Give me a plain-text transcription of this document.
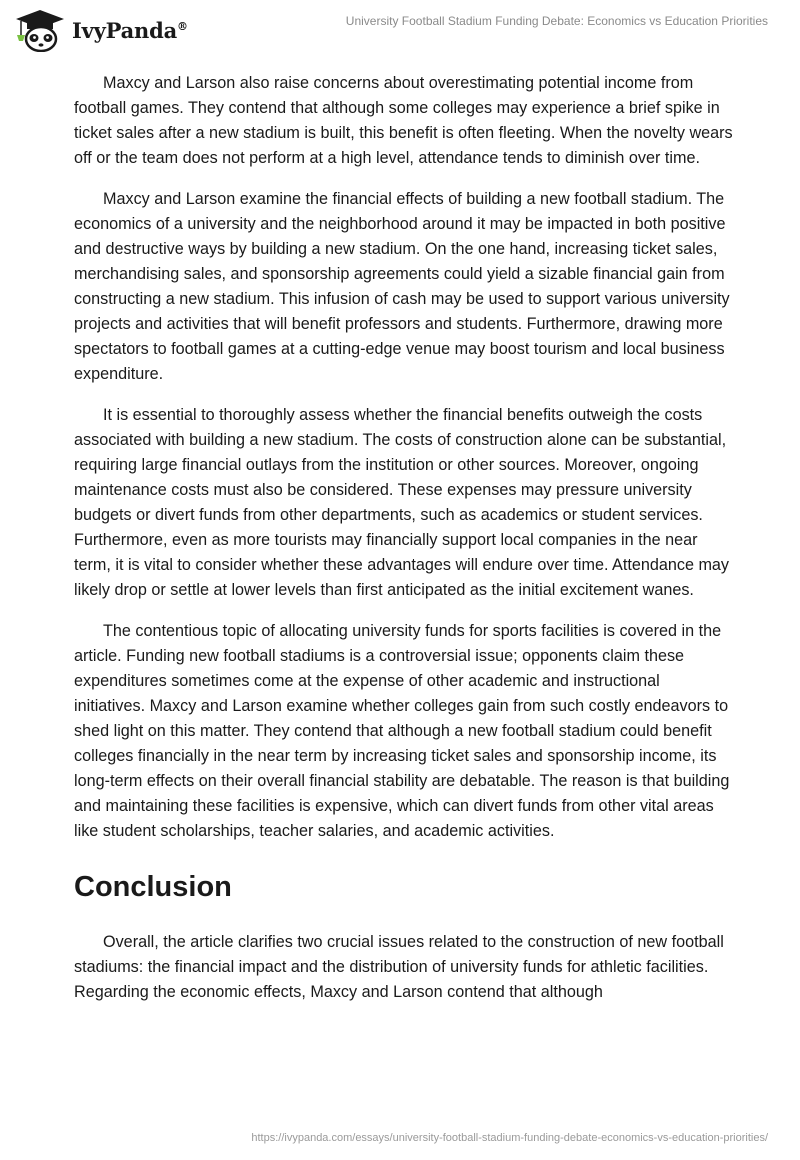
IvyPanda®	University Football Stadium Funding Debate: Economics vs Education Priorities

Maxcy and Larson also raise concerns about overestimating potential income from football games. They contend that although some colleges may experience a brief spike in ticket sales after a new stadium is built, this benefit is often fleeting. When the novelty wears off or the team does not perform at a high level, attendance tends to diminish over time.

Maxcy and Larson examine the financial effects of building a new football stadium. The economics of a university and the neighborhood around it may be impacted in both positive and destructive ways by building a new stadium. On the one hand, increasing ticket sales, merchandising sales, and sponsorship agreements could yield a sizable financial gain from constructing a new stadium. This infusion of cash may be used to support various university projects and activities that will benefit professors and students. Furthermore, drawing more spectators to football games at a cutting-edge venue may boost tourism and local business expenditure.

It is essential to thoroughly assess whether the financial benefits outweigh the costs associated with building a new stadium. The costs of construction alone can be substantial, requiring large financial outlays from the institution or other sources. Moreover, ongoing maintenance costs must also be considered. These expenses may pressure university budgets or divert funds from other departments, such as academics or student services. Furthermore, even as more tourists may financially support local companies in the near term, it is vital to consider whether these advantages will endure over time. Attendance may likely drop or settle at lower levels than first anticipated as the initial excitement wanes.

The contentious topic of allocating university funds for sports facilities is covered in the article. Funding new football stadiums is a controversial issue; opponents claim these expenditures sometimes come at the expense of other academic and instructional initiatives. Maxcy and Larson examine whether colleges gain from such costly endeavors to shed light on this matter. They contend that although a new football stadium could benefit colleges financially in the near term by increasing ticket sales and sponsorship income, its long-term effects on their overall financial stability are debatable. The reason is that building and maintaining these facilities is expensive, which can divert funds from other vital areas like student scholarships, teacher salaries, and academic activities.

Conclusion

Overall, the article clarifies two crucial issues related to the construction of new football stadiums: the financial impact and the distribution of university funds for athletic facilities. Regarding the economic effects, Maxcy and Larson contend that although

https://ivypanda.com/essays/university-football-stadium-funding-debate-economics-vs-education-priorities/
